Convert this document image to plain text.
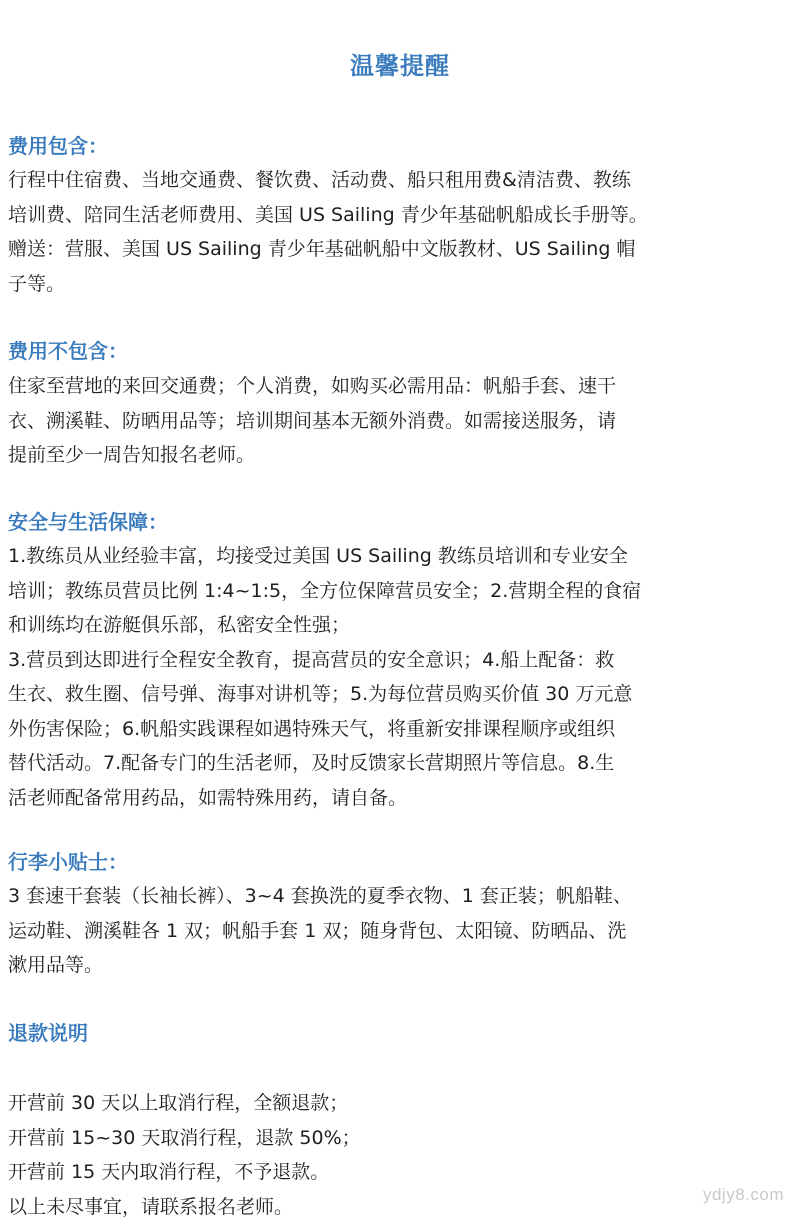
温馨提醒
费用包含：
行程中住宿费、当地交通费、餐饮费、活动费、船只租用费&清洁费、教练
培训费、陪同生活老师费用、美国 US Sailing 青少年基础帆船成长手册等。
赠送：营服、美国 US Sailing 青少年基础帆船中文版教材、US Sailing 帽
子等。
费用不包含：
住家至营地的来回交通费；个人消费，如购买必需用品：帆船手套、速干
衣、溯溪鞋、防晒用品等；培训期间基本无额外消费。如需接送服务，请
提前至少一周告知报名老师。
安全与生活保障：
1.教练员从业经验丰富，均接受过美国 US Sailing 教练员培训和专业安全
培训；教练员营员比例 1:4~1:5，全方位保障营员安全；2.营期全程的食宿
和训练均在游艇俱乐部，私密安全性强；
3.营员到达即进行全程安全教育，提高营员的安全意识；4.船上配备：救
生衣、救生圈、信号弹、海事对讲机等；5.为每位营员购买价值 30 万元意
外伤害保险；6.帆船实践课程如遇特殊天气，将重新安排课程顺序或组织
替代活动。7.配备专门的生活老师，及时反馈家长营期照片等信息。8.生
活老师配备常用药品，如需特殊用药，请自备。
行李小贴士：
3 套速干套装（长袖长裤）、3~4 套换洗的夏季衣物、1 套正装；帆船鞋、
运动鞋、溯溪鞋各 1 双；帆船手套 1 双；随身背包、太阳镜、防晒品、洗
漱用品等。
退款说明
开营前 30 天以上取消行程，全额退款；
开营前 15~30 天取消行程，退款 50%；
开营前 15 天内取消行程，不予退款。
以上未尽事宜，请联系报名老师。
ydjy8.com
